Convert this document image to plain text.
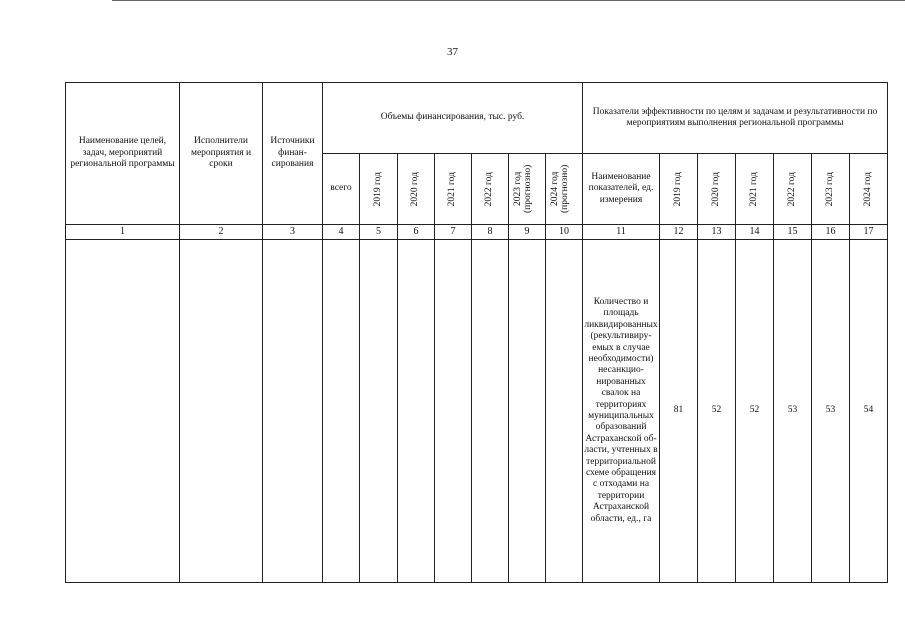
37
Наименование целей, задач, мероприятий региональной программы	Исполнители мероприятия и сроки	Источники финансирования	Объемы финансирования, тыс. руб.							Показатели эффективности по целям и задачам и результативности по мероприятиям выполнения региональной программы						
			всего	2019 год	2020 год	2021 год	2022 год	2023 год (прогнозно)	2024 год (прогнозно)	Наименование показателей, ед. измерения	2019 год	2020 год	2021 год	2022 год	2023 год	2024 год

1	2	3	4	5	6	7	8	9	10	11	12	13	14	15	16	17
										Количество и площадь ликвидированных (рекультивируемых в случае необходимости) несанкционированных свалок на территориях муниципальных образований Астраханской области, учтенных в территориальной схеме обращения с отходами на территории Астраханской области, ед., га	81	52	52	53	53	54
